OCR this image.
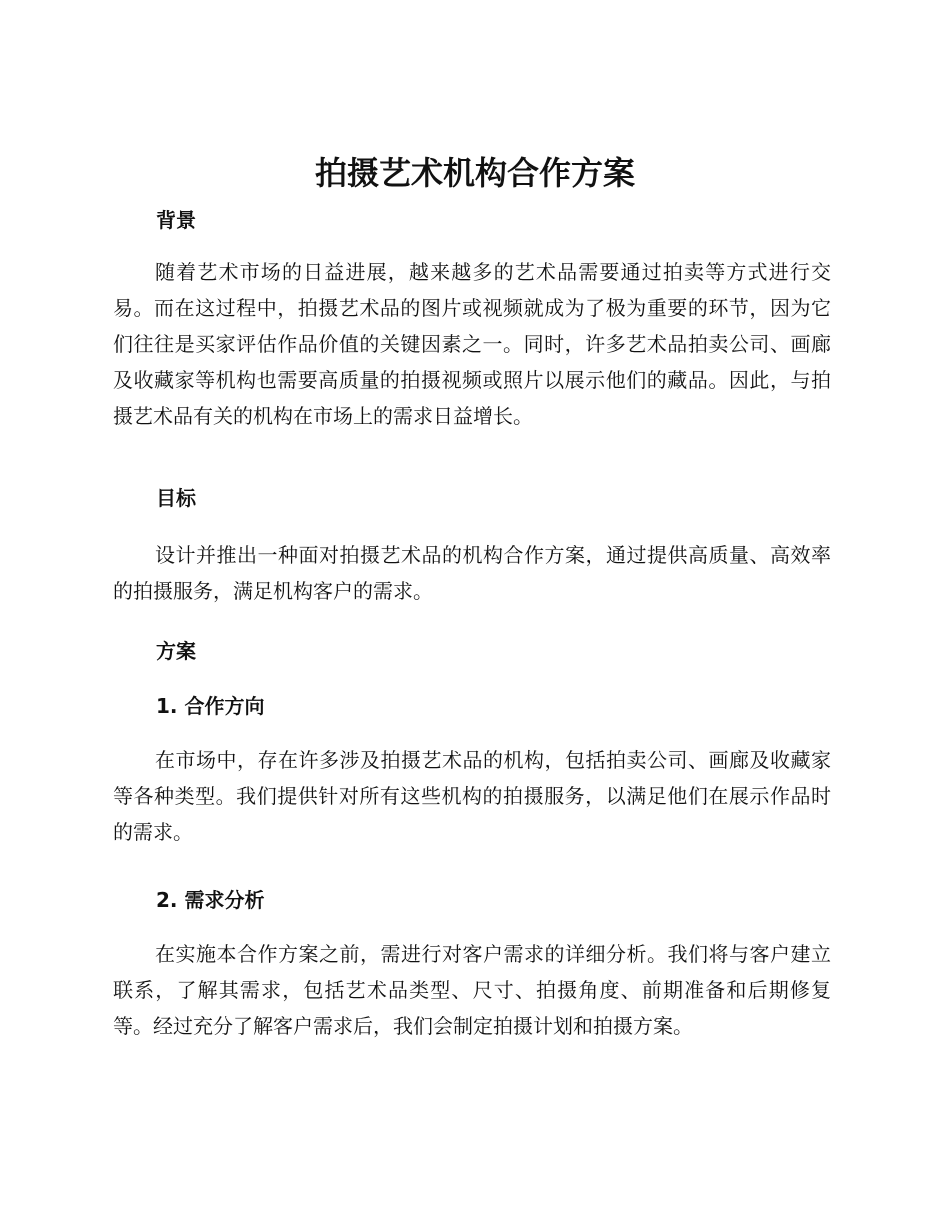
拍摄艺术机构合作方案
背景

随着艺术市场的日益进展，越来越多的艺术品需要通过拍卖等方式进行交易。而在这过程中，拍摄艺术品的图片或视频就成为了极为重要的环节，因为它们往往是买家评估作品价值的关键因素之一。同时，许多艺术品拍卖公司、画廊及收藏家等机构也需要高质量的拍摄视频或照片以展示他们的藏品。因此，与拍摄艺术品有关的机构在市场上的需求日益增长。

目标

设计并推出一种面对拍摄艺术品的机构合作方案，通过提供高质量、高效率的拍摄服务，满足机构客户的需求。

方案
1. 合作方向

在市场中，存在许多涉及拍摄艺术品的机构，包括拍卖公司、画廊及收藏家等各种类型。我们提供针对所有这些机构的拍摄服务，以满足他们在展示作品时的需求。

2. 需求分析

在实施本合作方案之前，需进行对客户需求的详细分析。我们将与客户建立联系，了解其需求，包括艺术品类型、尺寸、拍摄角度、前期准备和后期修复等。经过充分了解客户需求后，我们会制定拍摄计划和拍摄方案。
